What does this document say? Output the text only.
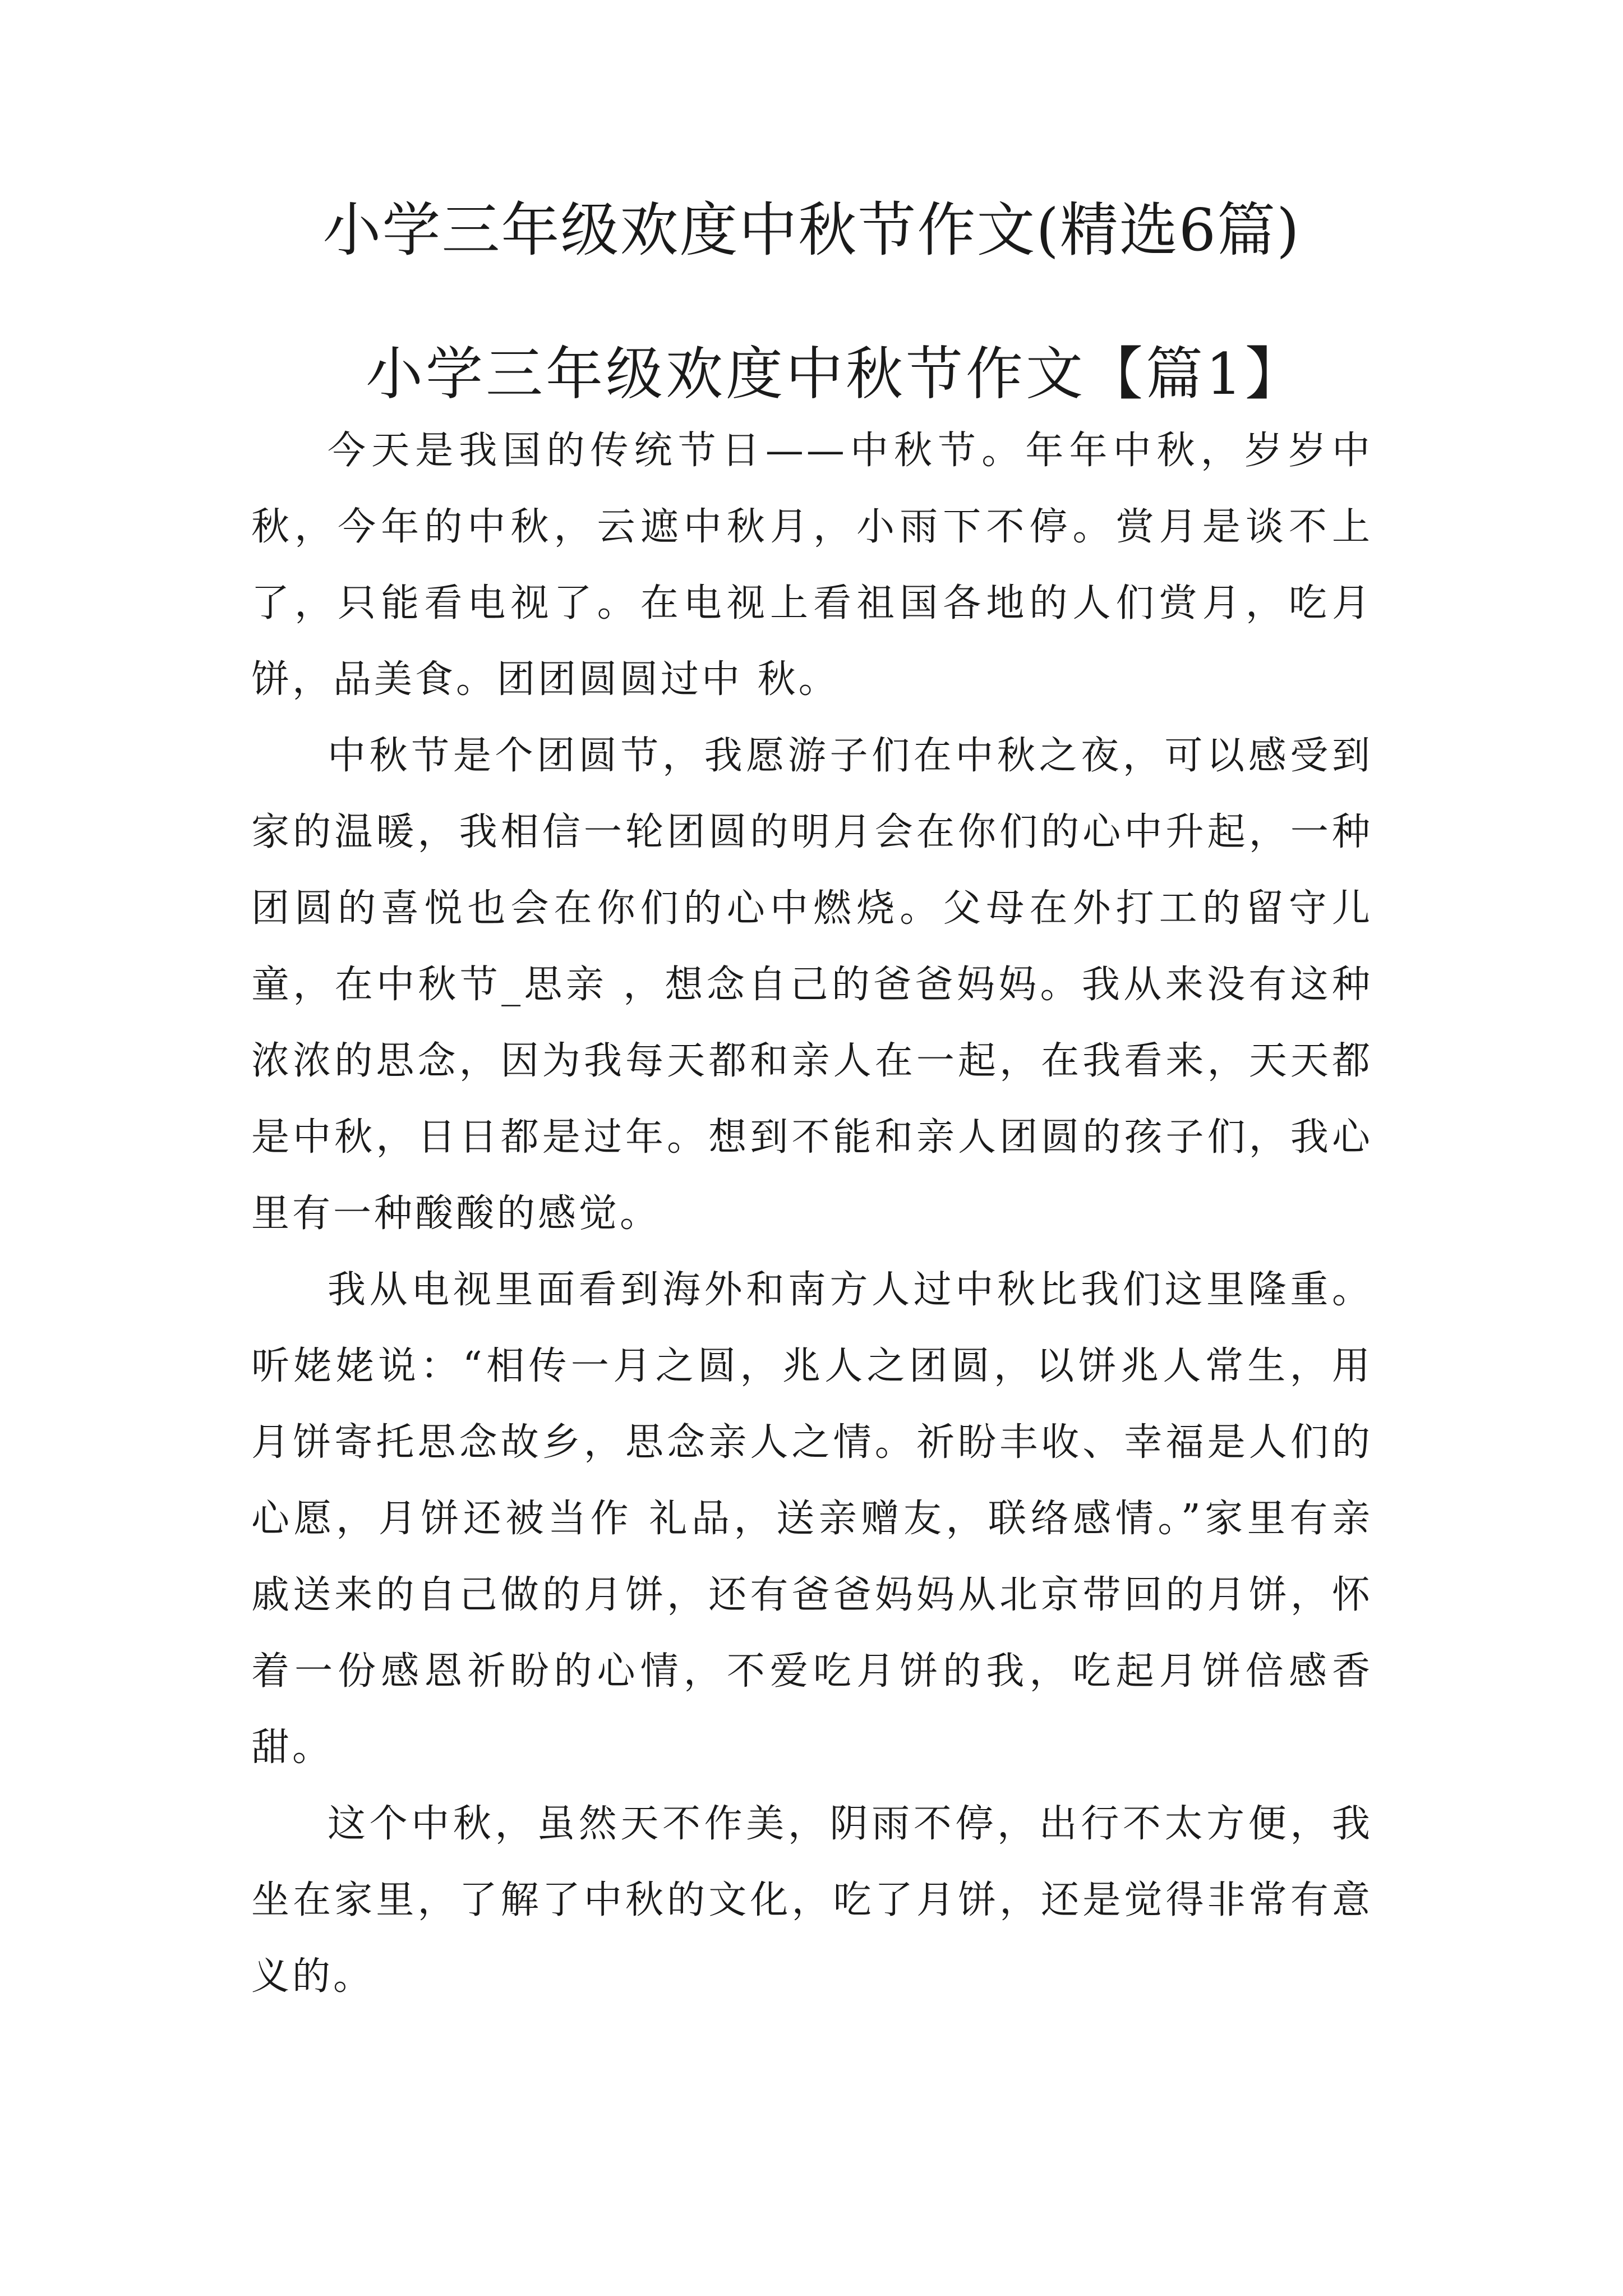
小学三年级欢度中秋节作文(精选6篇)
小学三年级欢度中秋节作文【篇1】

今天是我国的传统节日——中秋节。年年中秋，岁岁中秋，今年的中秋，云遮中秋月，小雨下不停。赏月是谈不上了，只能看电视了。在电视上看祖国各地的人们赏月，吃月饼，品美食。团团圆圆过中 秋。

中秋节是个团圆节，我愿游子们在中秋之夜，可以感受到家的温暖，我相信一轮团圆的明月会在你们的心中升起，一种团圆的喜悦也会在你们的心中燃烧。父母在外打工的留守儿童，在中秋节_思亲 ，想念自己的爸爸妈妈。我从来没有这种浓浓的思念，因为我每天都和亲人在一起，在我看来，天天都是中秋，日日都是过年。想到不能和亲人团圆的孩子们，我心里有一种酸酸的感觉。

我从电视里面看到海外和南方人过中秋比我们这里隆重。听姥姥说：“相传一月之圆，兆人之团圆，以饼兆人常生，用月饼寄托思念故乡，思念亲人之情。祈盼丰收、幸福是人们的心愿，月饼还被当作 礼品，送亲赠友，联络感情。”家里有亲戚送来的自己做的月饼，还有爸爸妈妈从北京带回的月饼，怀着一份感恩祈盼的心情，不爱吃月饼的我，吃起月饼倍感香甜。

这个中秋，虽然天不作美，阴雨不停，出行不太方便，我坐在家里，了解了中秋的文化，吃了月饼，还是觉得非常有意义的。
